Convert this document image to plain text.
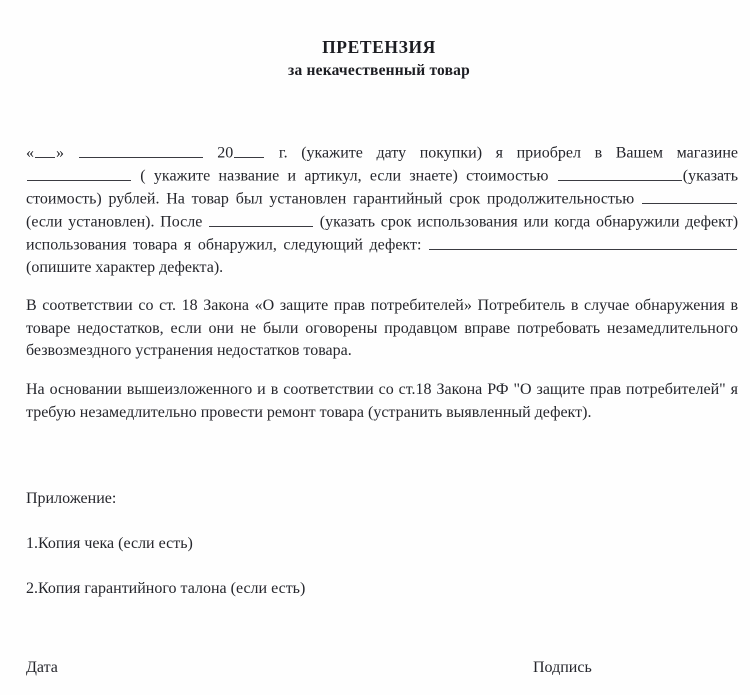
ПРЕТЕНЗИЯ
за некачественный товар

« »	20	г. (укажите дату покупки) я приобрел в Вашем магазине  ( укажите название и артикул, если знаете) стоимостью	(указать стоимость) рублей. На товар был установлен гарантийный срок продолжительностью  (если установлен). После	(указать срок использования или когда обнаружили дефект) использования товара я обнаружил, следующий дефект: (опишите характер дефекта).

В соответствии со ст. 18 Закона «О защите прав потребителей» Потребитель в случае обнаружения в товаре недостатков, если они не были оговорены продавцом вправе потребовать незамедлительного безвозмездного устранения недостатков товара.

На основании вышеизложенного и в соответствии со ст.18 Закона РФ "О защите прав потребителей" я требую незамедлительно провести ремонт товара (устранить выявленный дефект).

Приложение:
1.Копия чека (если есть)
2.Копия гарантийного талона (если есть)
Дата	Подпись
